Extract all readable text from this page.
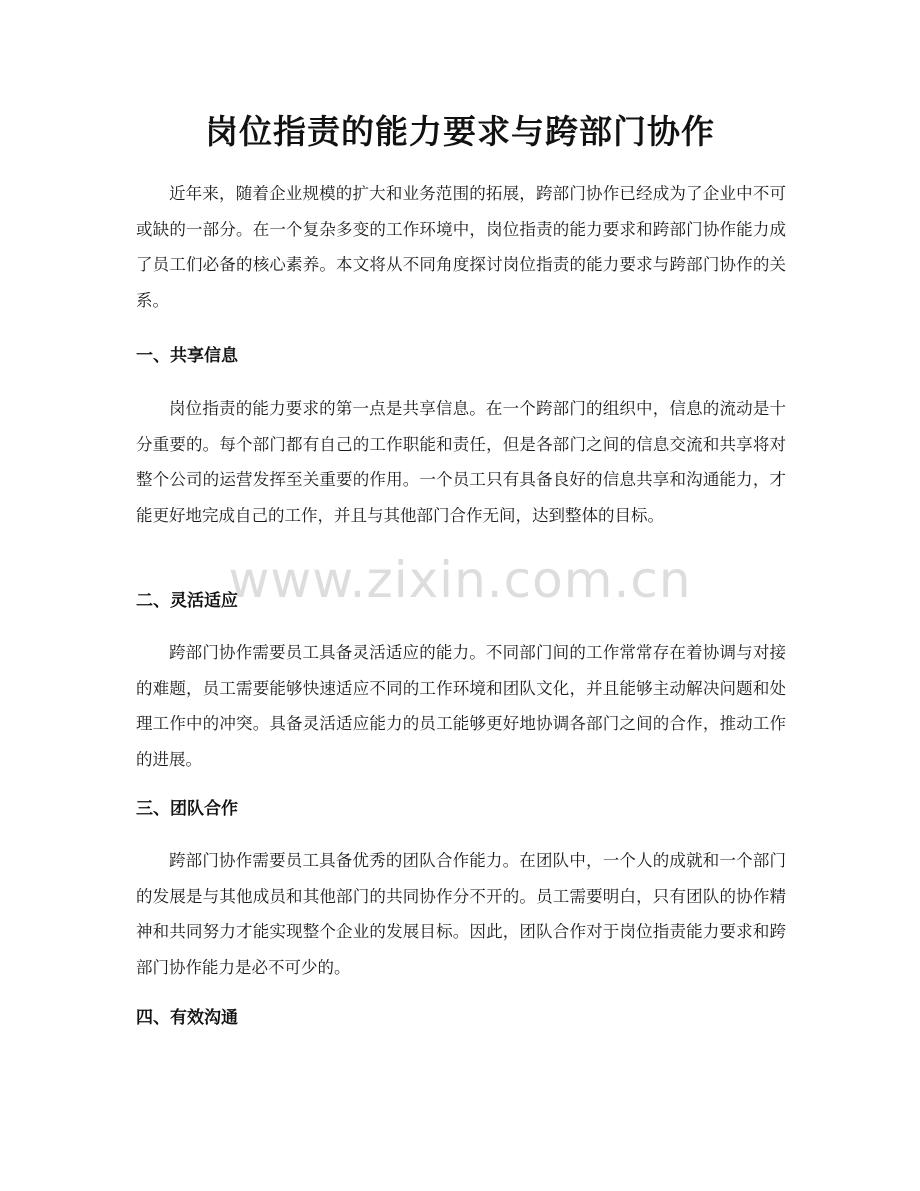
岗位指责的能力要求与跨部门协作

近年来，随着企业规模的扩大和业务范围的拓展，跨部门协作已经成为了企业中不可或缺的一部分。在一个复杂多变的工作环境中，岗位指责的能力要求和跨部门协作能力成了员工们必备的核心素养。本文将从不同角度探讨岗位指责的能力要求与跨部门协作的关系。

一、共享信息

岗位指责的能力要求的第一点是共享信息。在一个跨部门的组织中，信息的流动是十分重要的。每个部门都有自己的工作职能和责任，但是各部门之间的信息交流和共享将对整个公司的运营发挥至关重要的作用。一个员工只有具备良好的信息共享和沟通能力，才能更好地完成自己的工作，并且与其他部门合作无间，达到整体的目标。

二、灵活适应

跨部门协作需要员工具备灵活适应的能力。不同部门间的工作常常存在着协调与对接的难题，员工需要能够快速适应不同的工作环境和团队文化，并且能够主动解决问题和处理工作中的冲突。具备灵活适应能力的员工能够更好地协调各部门之间的合作，推动工作的进展。

三、团队合作

跨部门协作需要员工具备优秀的团队合作能力。在团队中，一个人的成就和一个部门的发展是与其他成员和其他部门的共同协作分不开的。员工需要明白，只有团队的协作精神和共同努力才能实现整个企业的发展目标。因此，团队合作对于岗位指责能力要求和跨部门协作能力是必不可少的。

四、有效沟通
www.zixin.com.cn
